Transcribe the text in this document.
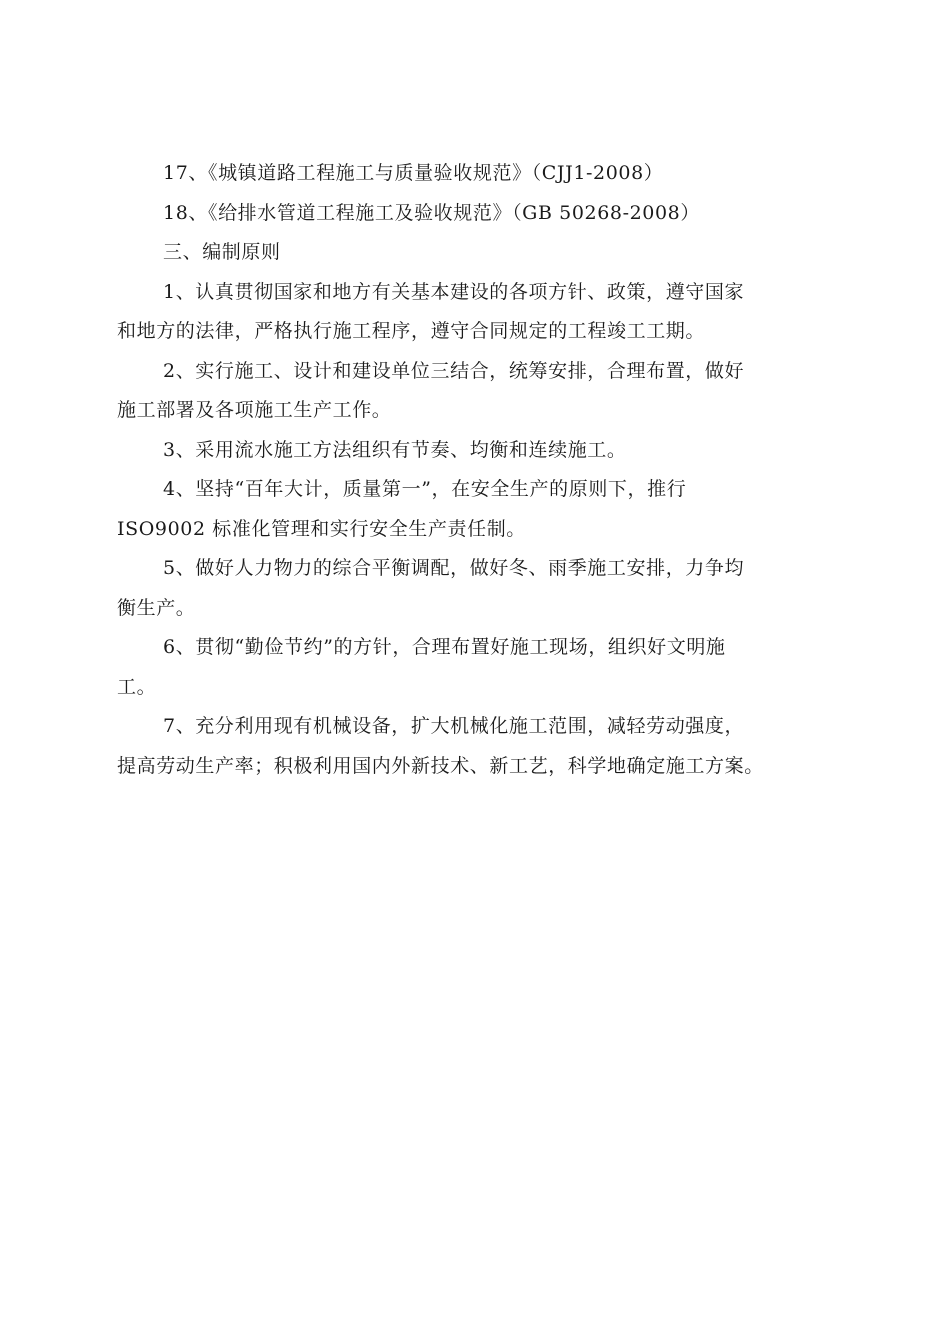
17、《城镇道路工程施工与质量验收规范》（CJJ1-2008）
18、《给排水管道工程施工及验收规范》（GB 50268-2008）
三、编制原则
1、认真贯彻国家和地方有关基本建设的各项方针、政策，遵守国家
和地方的法律，严格执行施工程序，遵守合同规定的工程竣工工期。
2、实行施工、设计和建设单位三结合，统筹安排，合理布置，做好
施工部署及各项施工生产工作。
3、采用流水施工方法组织有节奏、均衡和连续施工。
4、坚持“百年大计，质量第一”，在安全生产的原则下，推行
ISO9002 标准化管理和实行安全生产责任制。
5、做好人力物力的综合平衡调配，做好冬、雨季施工安排，力争均
衡生产。
6、贯彻“勤俭节约”的方针，合理布置好施工现场，组织好文明施
工。
7、充分利用现有机械设备，扩大机械化施工范围，减轻劳动强度，
提高劳动生产率；积极利用国内外新技术、新工艺，科学地确定施工方案。
